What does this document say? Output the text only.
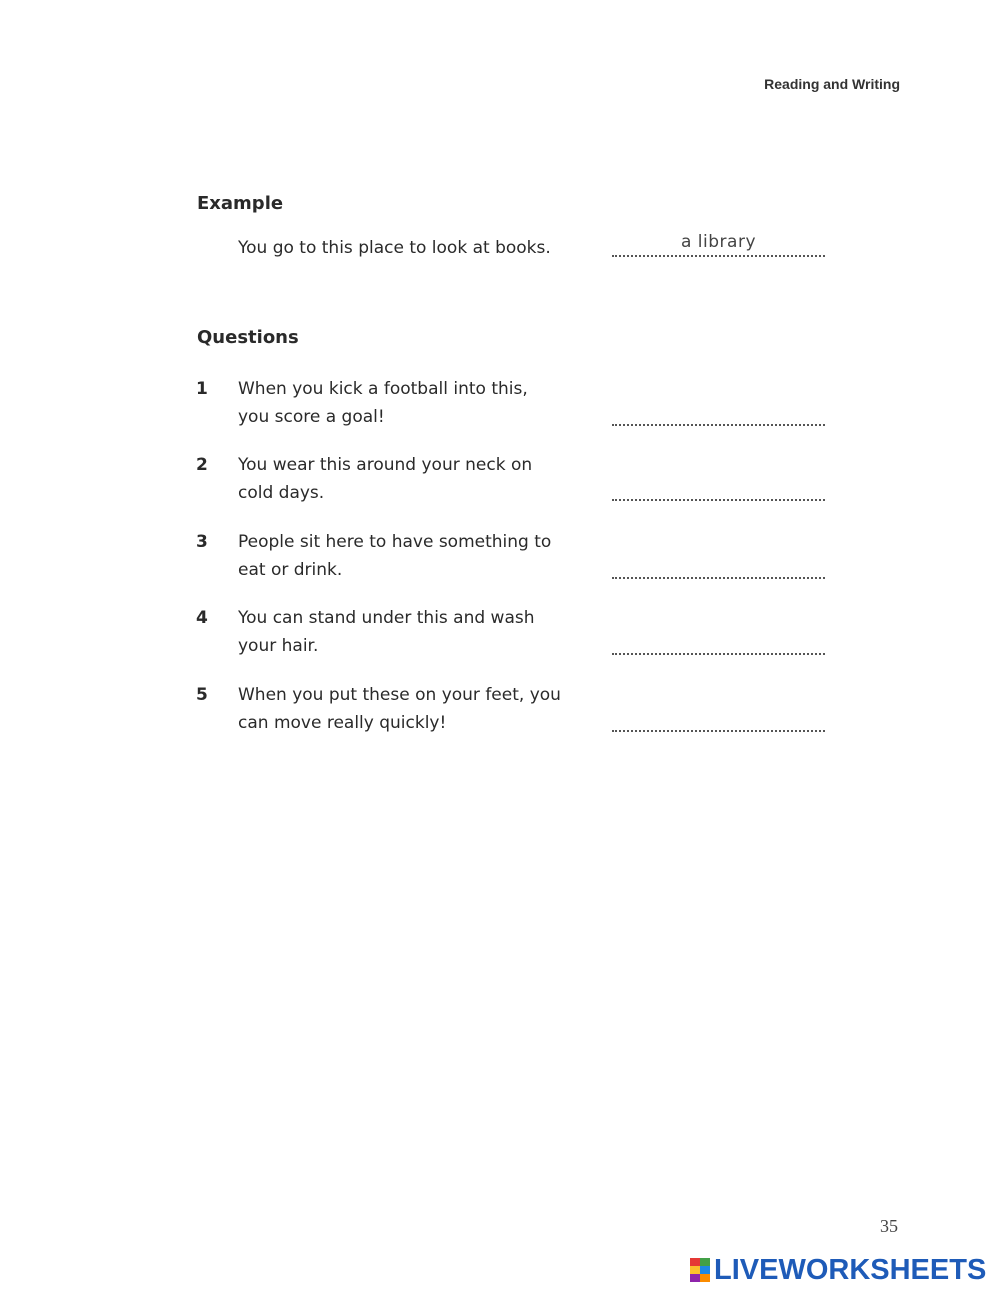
Reading and Writing
Example
You go to this place to look at books.	a library
Questions
1 When you kick a football into this,
you score a goal!
2 You wear this around your neck on
cold days.
3 People sit here to have something to
eat or drink.
4 You can stand under this and wash
your hair.
5 When you put these on your feet, you
can move really quickly!
35
LIVEWORKSHEETS
